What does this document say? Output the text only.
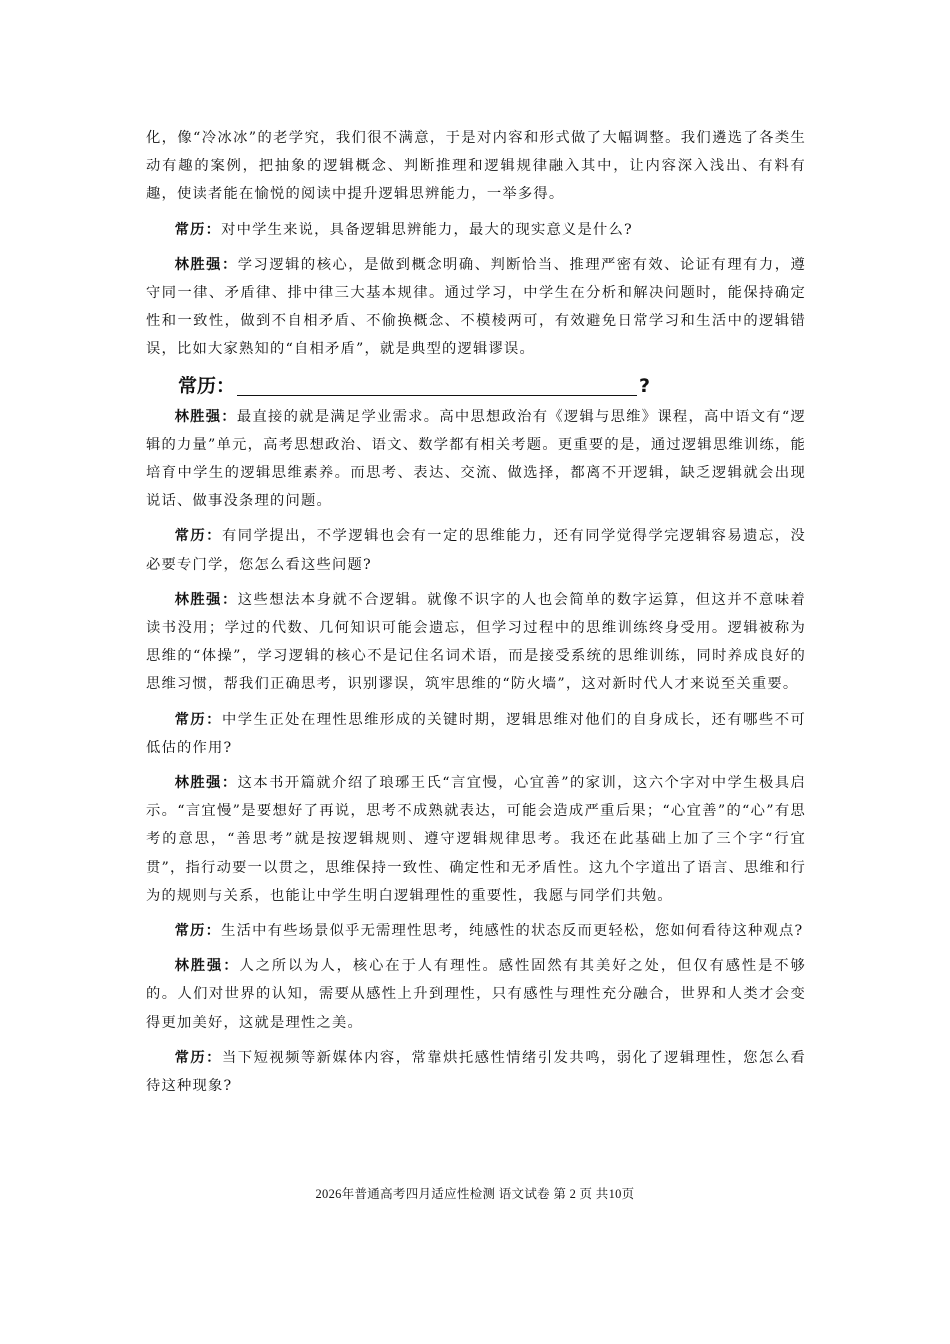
化，像“冷冰冰”的老学究，我们很不满意，于是对内容和形式做了大幅调整。我们遴选了各类生动有趣的案例，把抽象的逻辑概念、判断推理和逻辑规律融入其中，让内容深入浅出、有料有趣，使读者能在愉悦的阅读中提升逻辑思辨能力，一举多得。

常历：对中学生来说，具备逻辑思辨能力，最大的现实意义是什么?

林胜强：学习逻辑的核心，是做到概念明确、判断恰当、推理严密有效、论证有理有力，遵守同一律、矛盾律、排中律三大基本规律。通过学习，中学生在分析和解决问题时，能保持确定性和一致性，做到不自相矛盾、不偷换概念、不模棱两可，有效避免日常学习和生活中的逻辑错误，比如大家熟知的“自相矛盾”，就是典型的逻辑谬误。

常历：	?

林胜强：最直接的就是满足学业需求。高中思想政治有《逻辑与思维》课程，高中语文有“逻辑的力量”单元，高考思想政治、语文、数学都有相关考题。更重要的是，通过逻辑思维训练，能培育中学生的逻辑思维素养。而思考、表达、交流、做选择，都离不开逻辑，缺乏逻辑就会出现说话、做事没条理的问题。

常历：有同学提出，不学逻辑也会有一定的思维能力，还有同学觉得学完逻辑容易遗忘，没必要专门学，您怎么看这些问题?

林胜强：这些想法本身就不合逻辑。就像不识字的人也会简单的数字运算，但这并不意味着读书没用；学过的代数、几何知识可能会遗忘，但学习过程中的思维训练终身受用。逻辑被称为思维的“体操”，学习逻辑的核心不是记住名词术语，而是接受系统的思维训练，同时养成良好的思维习惯，帮我们正确思考，识别谬误，筑牢思维的“防火墙”，这对新时代人才来说至关重要。

常历：中学生正处在理性思维形成的关键时期，逻辑思维对他们的自身成长，还有哪些不可低估的作用?

林胜强：这本书开篇就介绍了琅琊王氏“言宜慢，心宜善”的家训，这六个字对中学生极具启示。“言宜慢”是要想好了再说，思考不成熟就表达，可能会造成严重后果；“心宜善”的“心”有思考的意思，“善思考”就是按逻辑规则、遵守逻辑规律思考。我还在此基础上加了三个字“行宜贯”，指行动要一以贯之，思维保持一致性、确定性和无矛盾性。这九个字道出了语言、思维和行为的规则与关系，也能让中学生明白逻辑理性的重要性，我愿与同学们共勉。

常历：生活中有些场景似乎无需理性思考，纯感性的状态反而更轻松，您如何看待这种观点?

林胜强：人之所以为人，核心在于人有理性。感性固然有其美好之处，但仅有感性是不够的。人们对世界的认知，需要从感性上升到理性，只有感性与理性充分融合，世界和人类才会变得更加美好，这就是理性之美。

常历：当下短视频等新媒体内容，常靠烘托感性情绪引发共鸣，弱化了逻辑理性，您怎么看待这种现象?

2026年普通高考四月适应性检测 语文试卷 第 2 页 共10页
